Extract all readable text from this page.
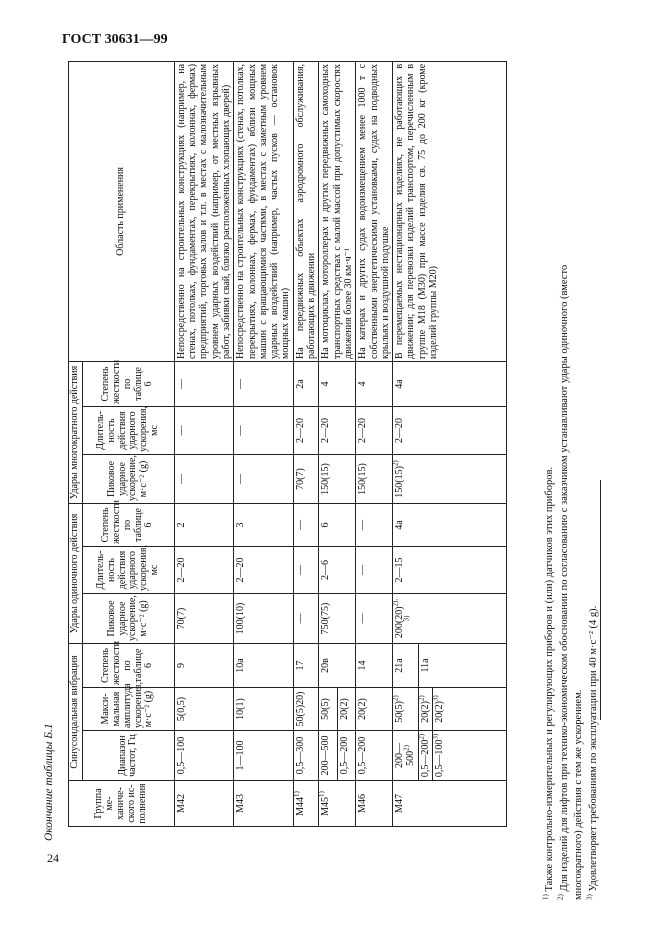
ГОСТ 30631—99
24
Окончание таблицы Б.1	Группа ме-ханиче-ского ис-полнения	Синусоидальная вибрация			Удары одиночного действия			Удары многократного действия			Область применения
	Диапазон частот, Гц	Макси-мальная амплитуда ускорения, м·с⁻² (g)	Степень жесткости по таблице 6	Пиковое ударное ускорение, м·с⁻² (g)	Длитель-ность действия ударного ускорения, мс	Степень жесткости по таблице 6	Пиковое ударное ускорение, м·с⁻² (g)	Длитель-ность действия ударного ускорения, мс	Степень жесткости по таблице 6	
М42	0,5—100	5(0,5)	9	70(7)	2—20	2	—	—	—	Непосредственно на строительных конструкциях (например, на стенах, потолках, фундаментах, перекрытиях, колоннах, фермах) предприятий, торговых залов и т.п. в местах с малозначительным уровнем ударных воздействий (например, от местных взрывных работ, забивки свай, близко расположенных хлопающих дверей)
М43	1—100	10(1)	10а	100(10)	2—20	3	—	—	—	Непосредственно на строительных конструкциях (стенах, потолках, перекрытиях, колоннах, фермах, фундаментах) вблизи мощных машин с вращающимися частями, в местах с заметным уровнем ударных воздействий (например, частых пусков — остановок мощных машин)
М44$^{1)}$	0,5—300	50(5)20)	17	—	—	—	70(7)	2—20	2а	На передвижных объектах аэродромного обслуживания, работающих в движении
М45$^{1)}$	200—500	50(5)	20в	750(75)	2—6	6	150(15)	2—20	4	На мотоциклах, мотороллерах и других передвижных самоходных транспортных средствах с малой массой при допустимых скоростях движения более 30 км·ч⁻¹
	0,5—200	20(2)								
М46	0,5—200	20(2)	14	—	—	—	150(15)	2—20	4	На катерах и других судах водоизмещением менее 1000 т с собственными энергетическими установками, судах на подводных крыльях и воздушной подушке
М47	200—500$^{2)}$	$50(5)^{2)}$	21а	$200(20)^{2), 3)}$	2—15	4а	$150(15)^{2)}$	2—20	4а	В перемещаемых нестационарных изделиях, не работающих в движении; для перевозки изделий транспортом, перечисленным в группе М18 (М30) при массе изделия св. 75 до 200 кг (кроме изделий группы М20)
	0,5—200$^{2)}$	$20(2)^{2)}$	11а							
	0,5—100$^{3)}$	$20(2)^{3)}$
$^{1)}$ Также контрольно-измерительных и регулирующих приборов и (или) датчиков этих приборов.
$^{2)}$ Для изделий для лифтов при технико-экономическом обосновании по согласованию с заказчиком устанавливают удары одиночного (вместо многократного) действия с тем же ускорением. $^{3)}$ Удовлетворяет требованиям по эксплуатации при 40 м·с⁻² (4 g).
